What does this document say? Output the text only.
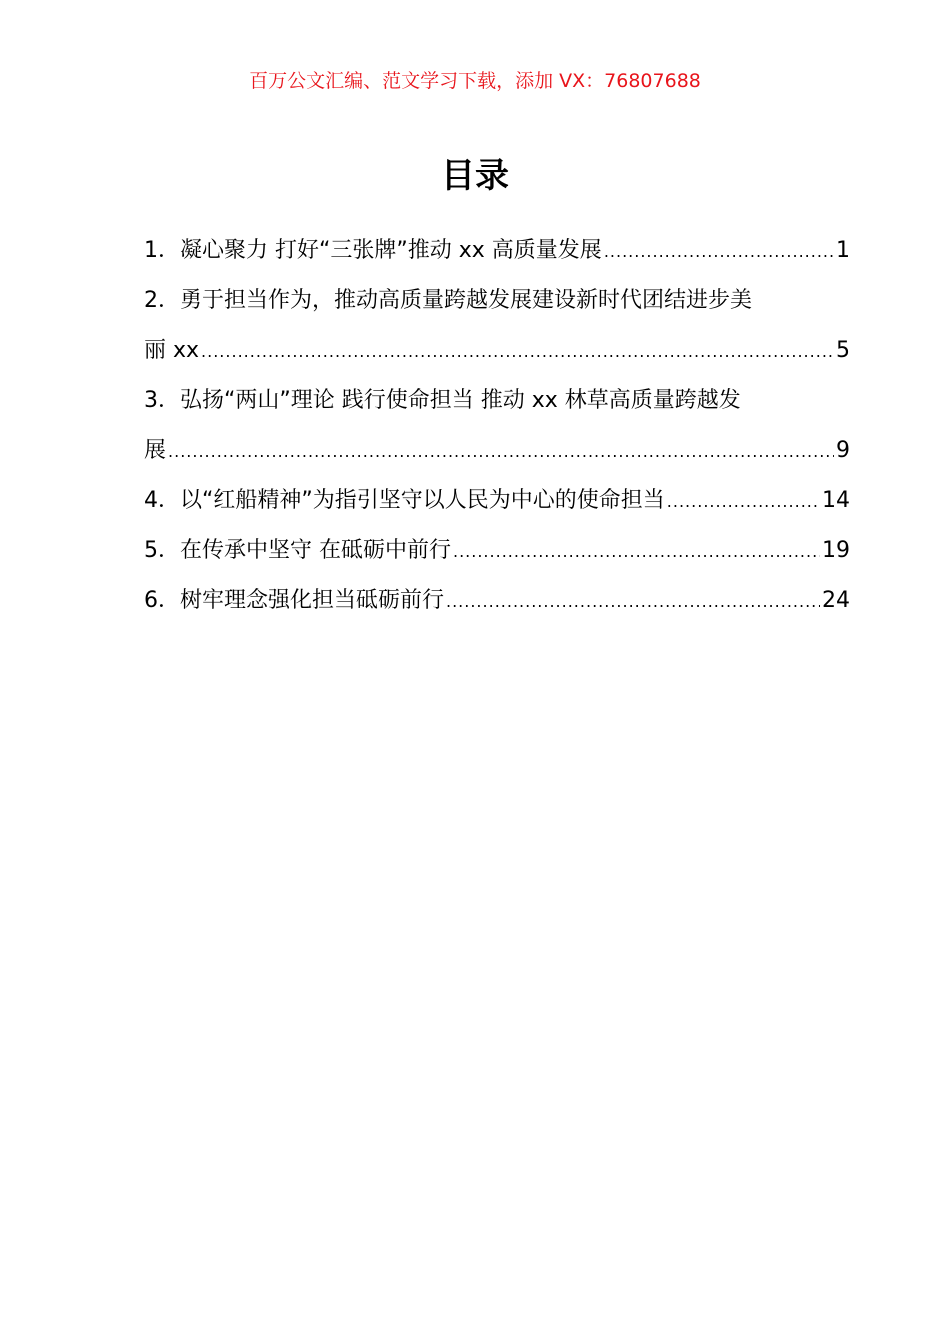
百万公文汇编、范文学习下载，添加 VX：76807688
目录
1．凝心聚力 打好“三张牌”推动 xx 高质量发展 .....	1
2．勇于担当作为，推动高质量跨越发展建设新时代团结进步美
丽 xx .....	5
3．弘扬“两山”理论 践行使命担当 推动 xx 林草高质量跨越发
展 .....	9
4．以“红船精神”为指引坚守以人民为中心的使命担当 .....	14
5．在传承中坚守 在砥砺中前行 .....	19
6．树牢理念强化担当砥砺前行 .....	24
